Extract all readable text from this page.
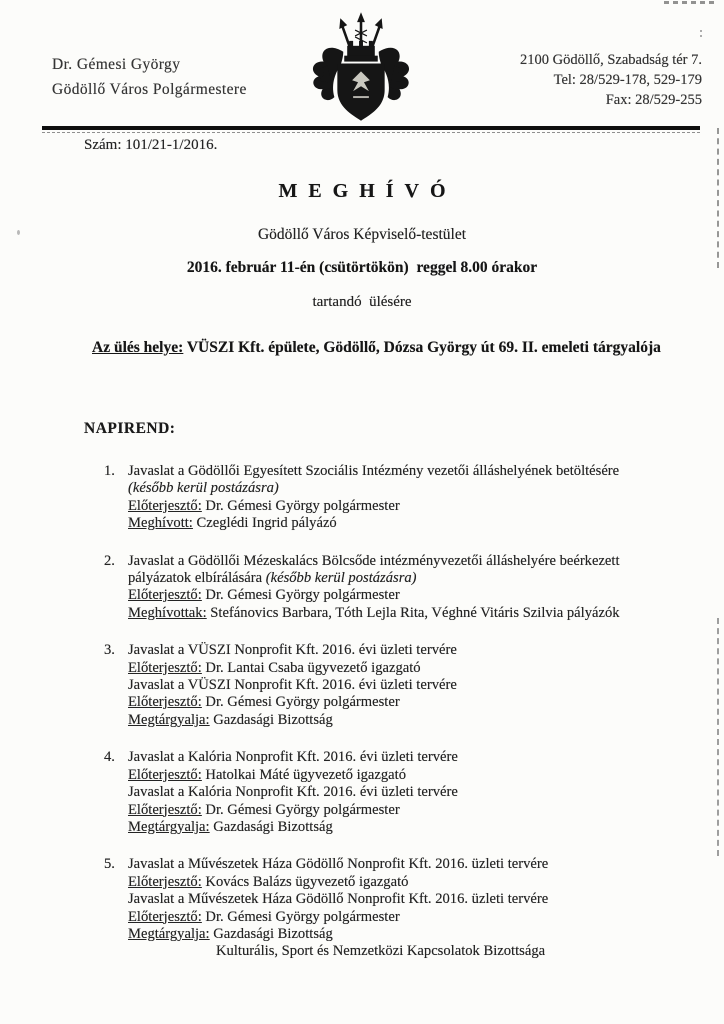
Dr. Gémesi György
Gödöllő Város Polgármestere
2100 Gödöllő, Szabadság tér 7.
Tel: 28/529-178, 529-179
Fax: 28/529-255
Szám: 101/21-1/2016.
MEGHÍVÓ
Gödöllő Város Képviselő-testület
2016. február 11-én (csütörtökön)  reggel 8.00 órakor
tartandó  ülésére
Az ülés helye: VÜSZI Kft. épülete, Gödöllő, Dózsa György út 69. II. emeleti tárgyalója
NAPIREND:
1. Javaslat a Gödöllői Egyesített Szociális Intézmény vezetői álláshelyének betöltésére
(később kerül postázásra)
Előterjesztő: Dr. Gémesi György polgármester
Meghívott: Czeglédi Ingrid pályázó
2. Javaslat a Gödöllői Mézeskalács Bölcsőde intézményvezetői álláshelyére beérkezett
pályázatok elbírálására (később kerül postázásra)
Előterjesztő: Dr. Gémesi György polgármester
Meghívottak: Stefánovics Barbara, Tóth Lejla Rita, Véghné Vitáris Szilvia pályázók
3. Javaslat a VÜSZI Nonprofit Kft. 2016. évi üzleti tervére
Előterjesztő: Dr. Lantai Csaba ügyvezető igazgató
Javaslat a VÜSZI Nonprofit Kft. 2016. évi üzleti tervére
Előterjesztő: Dr. Gémesi György polgármester
Megtárgyalja: Gazdasági Bizottság
4. Javaslat a Kalória Nonprofit Kft. 2016. évi üzleti tervére
Előterjesztő: Hatolkai Máté ügyvezető igazgató
Javaslat a Kalória Nonprofit Kft. 2016. évi üzleti tervére
Előterjesztő: Dr. Gémesi György polgármester
Megtárgyalja: Gazdasági Bizottság
5. Javaslat a Művészetek Háza Gödöllő Nonprofit Kft. 2016. üzleti tervére
Előterjesztő: Kovács Balázs ügyvezető igazgató
Javaslat a Művészetek Háza Gödöllő Nonprofit Kft. 2016. üzleti tervére
Előterjesztő: Dr. Gémesi György polgármester
Megtárgyalja: Gazdasági Bizottság
Kulturális, Sport és Nemzetközi Kapcsolatok Bizottsága
